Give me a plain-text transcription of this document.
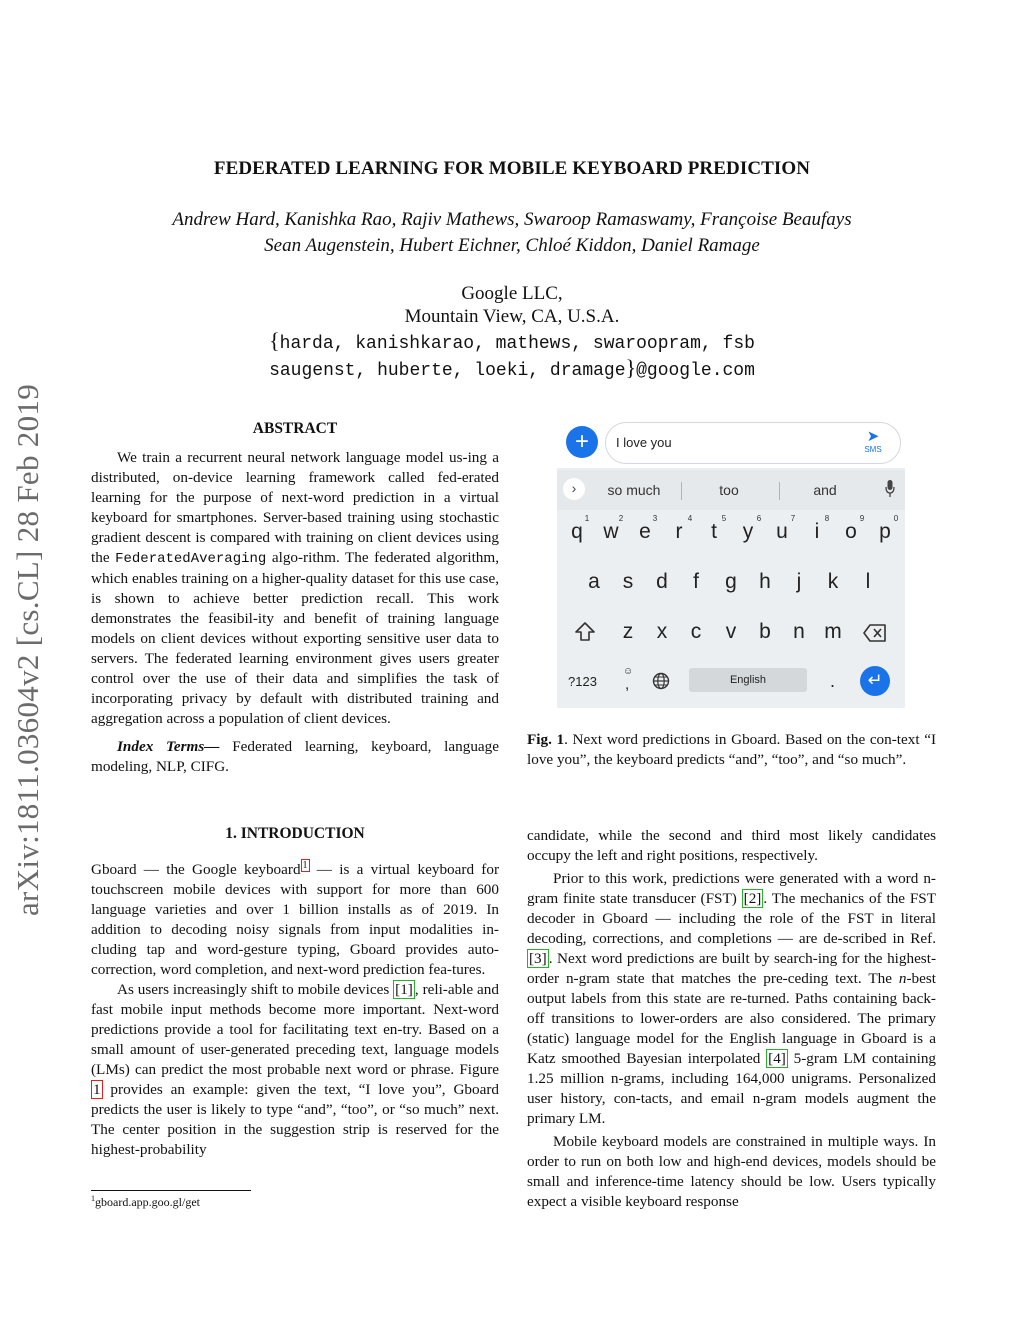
arXiv:1811.03604v2 [cs.CL] 28 Feb 2019
FEDERATED LEARNING FOR MOBILE KEYBOARD PREDICTION
Andrew Hard, Kanishka Rao, Rajiv Mathews, Swaroop Ramaswamy, Françoise Beaufays
Sean Augenstein, Hubert Eichner, Chloé Kiddon, Daniel Ramage
Google LLC,
Mountain View, CA, U.S.A.
{harda, kanishkarao, mathews, swaroopram, fsb
saugenst, huberte, loeki, dramage}@google.com
ABSTRACT

We train a recurrent neural network language model us-ing a distributed, on-device learning framework called fed-erated learning for the purpose of next-word prediction in a virtual keyboard for smartphones. Server-based training using stochastic gradient descent is compared with training on client devices using the FederatedAveraging algo-rithm. The federated algorithm, which enables training on a higher-quality dataset for this use case, is shown to achieve better prediction recall. This work demonstrates the feasibil-ity and benefit of training language models on client devices without exporting sensitive user data to servers. The federated learning environment gives users greater control over the use of their data and simplifies the task of incorporating privacy by default with distributed training and aggregation across a population of client devices.

Index Terms— Federated learning, keyboard, language modeling, NLP, CIFG.

1. INTRODUCTION

Gboard — the Google keyboard $^1$ — is a virtual keyboard for touchscreen mobile devices with support for more than 600 language varieties and over 1 billion installs as of 2019. In addition to decoding noisy signals from input modalities in-cluding tap and word-gesture typing, Gboard provides auto-correction, word completion, and next-word prediction fea-tures.

As users increasingly shift to mobile devices [1] , reli-able and fast mobile input methods become more important. Next-word predictions provide a tool for facilitating text en-try. Based on a small amount of user-generated preceding text, language models (LMs) can predict the most probable next word or phrase. Figure 1 provides an example: given the text, “I love you”, Gboard predicts the user is likely to type “and”, “too”, or “so much” next. The center position in the suggestion strip is reserved for the highest-probability

$^1$gboard.app.goo.gl/get
+	I love you	➤
SMS
›	so much	too	and
1	2	3	4	5	6	7	8	9	0
q w e	r	t	y	u	i	o	p
a	s	d	f	g	h	j	k	l
z	x	c	v	b	n m
?123
☺
,	English	.	↵
Fig. 1. Next word predictions in Gboard. Based on the con-text “I love you”, the keyboard predicts “and”, “too”, and “so much”.

candidate, while the second and third most likely candidates occupy the left and right positions, respectively.

Prior to this work, predictions were generated with a word n-gram finite state transducer (FST) [2] . The mechanics of the FST decoder in Gboard — including the role of the FST in literal decoding, corrections, and completions — are de-scribed in Ref. [3] . Next word predictions are built by search-ing for the highest-order n-gram state that matches the pre-ceding text. The n-best output labels from this state are re-turned. Paths containing back-off transitions to lower-orders are also considered. The primary (static) language model for the English language in Gboard is a Katz smoothed Bayesian interpolated [4] 5-gram LM containing 1.25 million n-grams, including 164,000 unigrams. Personalized user history, con-tacts, and email n-gram models augment the primary LM.

Mobile keyboard models are constrained in multiple ways. In order to run on both low and high-end devices, models should be small and inference-time latency should be low. Users typically expect a visible keyboard response
